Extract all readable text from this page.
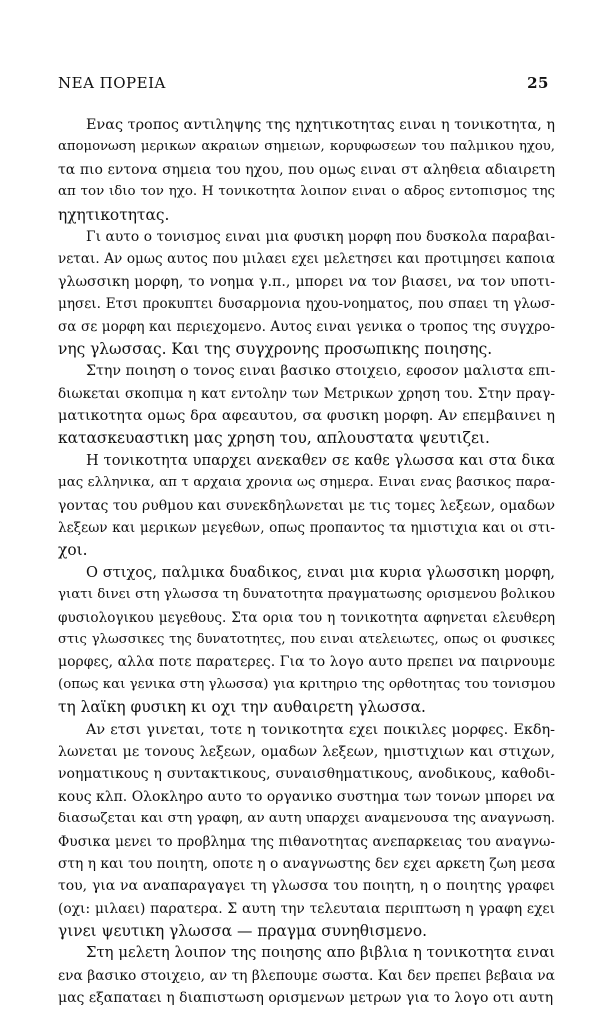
ΝΕΑ ΠΟΡΕΙΑ	25
Ενας τροπος αντιληψης της ηχητικοτητας ειναι η τονικοτητα, η
απομονωση μερικων ακραιων σημειων, κορυφωσεων του παλμικου ηχου,
τα πιο εντονα σημεια του ηχου, που ομως ειναι στ αληθεια αδιαιρετη
απ τον ιδιο τον ηχο. Η τονικοτητα λοιπον ειναι ο αδρος εντοπισμος της
ηχητικοτητας.
Γι αυτο ο τονισμος ειναι μια φυσικη μορφη που δυσκολα παραβαι-
νεται. Αν ομως αυτος που μιλαει εχει μελετησει και προτιμησει καποια
γλωσσικη μορφη, το νοημα γ.π., μπορει να τον βιασει, να τον υποτι-
μησει. Ετσι προκυπτει δυσαρμονια ηχου-νοηματος, που σπαει τη γλωσ-
σα σε μορφη και περιεχομενο. Αυτος ειναι γενικα ο τροπος της συγχρο-
νης γλωσσας. Και της συγχρονης προσωπικης ποιησης.
Στην ποιηση ο τονος ειναι βασικο στοιχειο, εφοσον μαλιστα επι-
διωκεται σκοπιμα η κατ εντολην των Μετρικων χρηση του. Στην πραγ-
ματικοτητα ομως δρα αφεαυτου, σα φυσικη μορφη. Αν επεμβαινει η
κατασκευαστικη μας χρηση του, απλουστατα ψευτιζει.
Η τονικοτητα υπαρχει ανεκαθεν σε καθε γλωσσα και στα δικα
μας ελληνικα, απ τ αρχαια χρονια ως σημερα. Ειναι ενας βασικος παρα-
γοντας του ρυθμου και συνεκδηλωνεται με τις τομες λεξεων, ομαδων
λεξεων και μερικων μεγεθων, οπως προπαντος τα ημιστιχια και οι στι-
χοι.
Ο στιχος, παλμικα δυαδικος, ειναι μια κυρια γλωσσικη μορφη,
γιατι δινει στη γλωσσα τη δυνατοτητα πραγματωσης ορισμενου βολικου
φυσιολογικου μεγεθους. Στα ορια του η τονικοτητα αφηνεται ελευθερη
στις γλωσσικες της δυνατοτητες, που ειναι ατελειωτες, οπως οι φυσικες
μορφες, αλλα ποτε παρατερες. Για το λογο αυτο πρεπει να παιρνουμε
(οπως και γενικα στη γλωσσα) για κριτηριο της ορθοτητας του τονισμου
τη λαϊκη φυσικη κι οχι την αυθαιρετη γλωσσα.
Αν ετσι γινεται, τοτε η τονικοτητα εχει ποικιλες μορφες. Εκδη-
λωνεται με τονους λεξεων, ομαδων λεξεων, ημιστιχιων και στιχων,
νοηματικους η συντακτικους, συναισθηματικους, ανοδικους, καθοδι-
κους κλπ. Ολοκληρο αυτο το οργανικο συστημα των τονων μπορει να
διασωζεται και στη γραφη, αν αυτη υπαρχει αναμενουσα της αναγνωση.
Φυσικα μενει το προβλημα της πιθανοτητας ανεπαρκειας του αναγνω-
στη η και του ποιητη, οποτε η ο αναγνωστης δεν εχει αρκετη ζωη μεσα
του, για να αναπαραγαγει τη γλωσσα του ποιητη, η ο ποιητης γραφει
(οχι: μιλαει) παρατερα. Σ αυτη την τελευταια περιπτωση η γραφη εχει
γινει ψευτικη γλωσσα — πραγμα συνηθισμενο.
Στη μελετη λοιπον της ποιησης απο βιβλια η τονικοτητα ειναι
ενα βασικο στοιχειο, αν τη βλεπουμε σωστα. Και δεν πρεπει βεβαια να
μας εξαπαταει η διαπιστωση ορισμενων μετρων για το λογο οτι αυτη
